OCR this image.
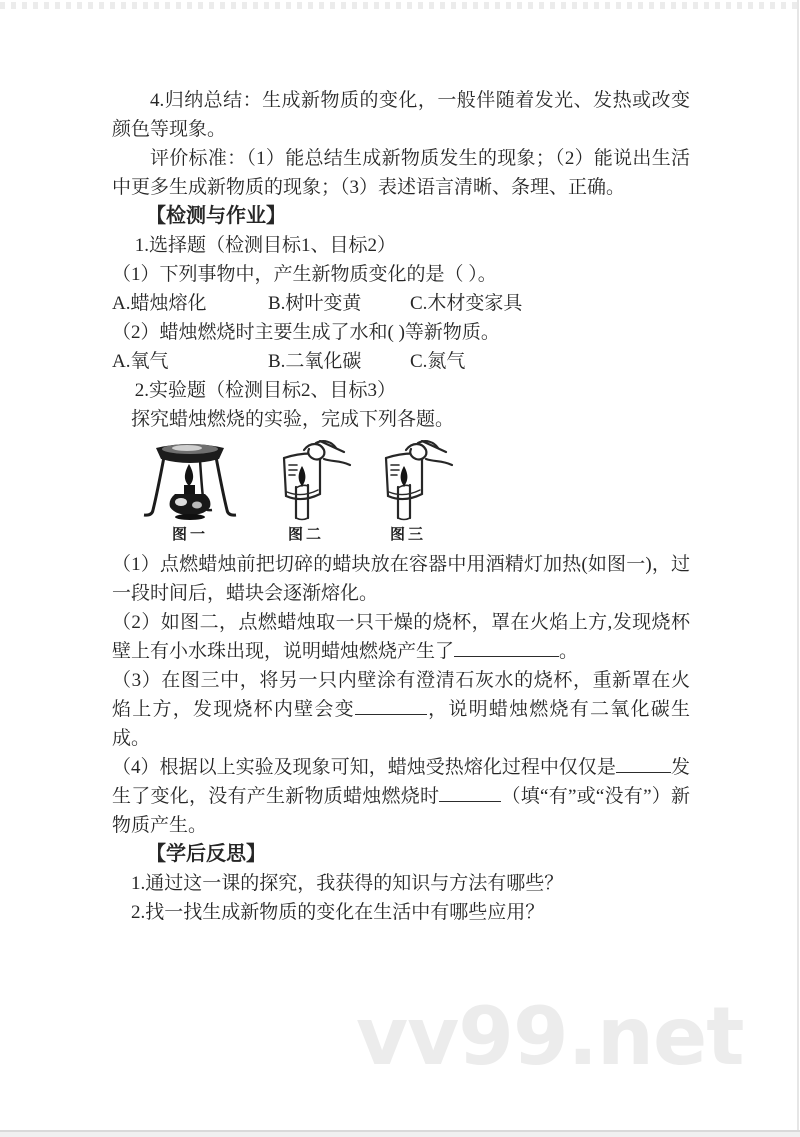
4.归纳总结：生成新物质的变化，一般伴随着发光、发热或改变颜色等现象。

评价标准：（1）能总结生成新物质发生的现象；（2）能说出生活中更多生成新物质的现象；（3）表述语言清晰、条理、正确。

【检测与作业】

1.选择题（检测目标1、目标2）

（1）下列事物中，产生新物质变化的是（ ）。

A.蜡烛熔化	B.树叶变黄	C.木材变家具

（2）蜡烛燃烧时主要生成了水和( )等新物质。

A.氧气	B.二氧化碳	C.氮气

2.实验题（检测目标2、目标3）

探究蜡烛燃烧的实验，完成下列各题。

图一	图二	图三

（1）点燃蜡烛前把切碎的蜡块放在容器中用酒精灯加热(如图一)，过一段时间后，蜡块会逐渐熔化。

（2）如图二，点燃蜡烛取一只干燥的烧杯，罩在火焰上方,发现烧杯壁上有小水珠出现，说明蜡烛燃烧产生了	。

（3）在图三中，将另一只内壁涂有澄清石灰水的烧杯，重新罩在火焰上方，发现烧杯内壁会变	，说明蜡烛燃烧有二氧化碳生成。

（4）根据以上实验及现象可知，蜡烛受热熔化过程中仅仅是	发生了变化，没有产生新物质蜡烛燃烧时	（填“有”或“没有”）新物质产生。

【学后反思】

1.通过这一课的探究，我获得的知识与方法有哪些？

2.找一找生成新物质的变化在生活中有哪些应用？

vv99.net
